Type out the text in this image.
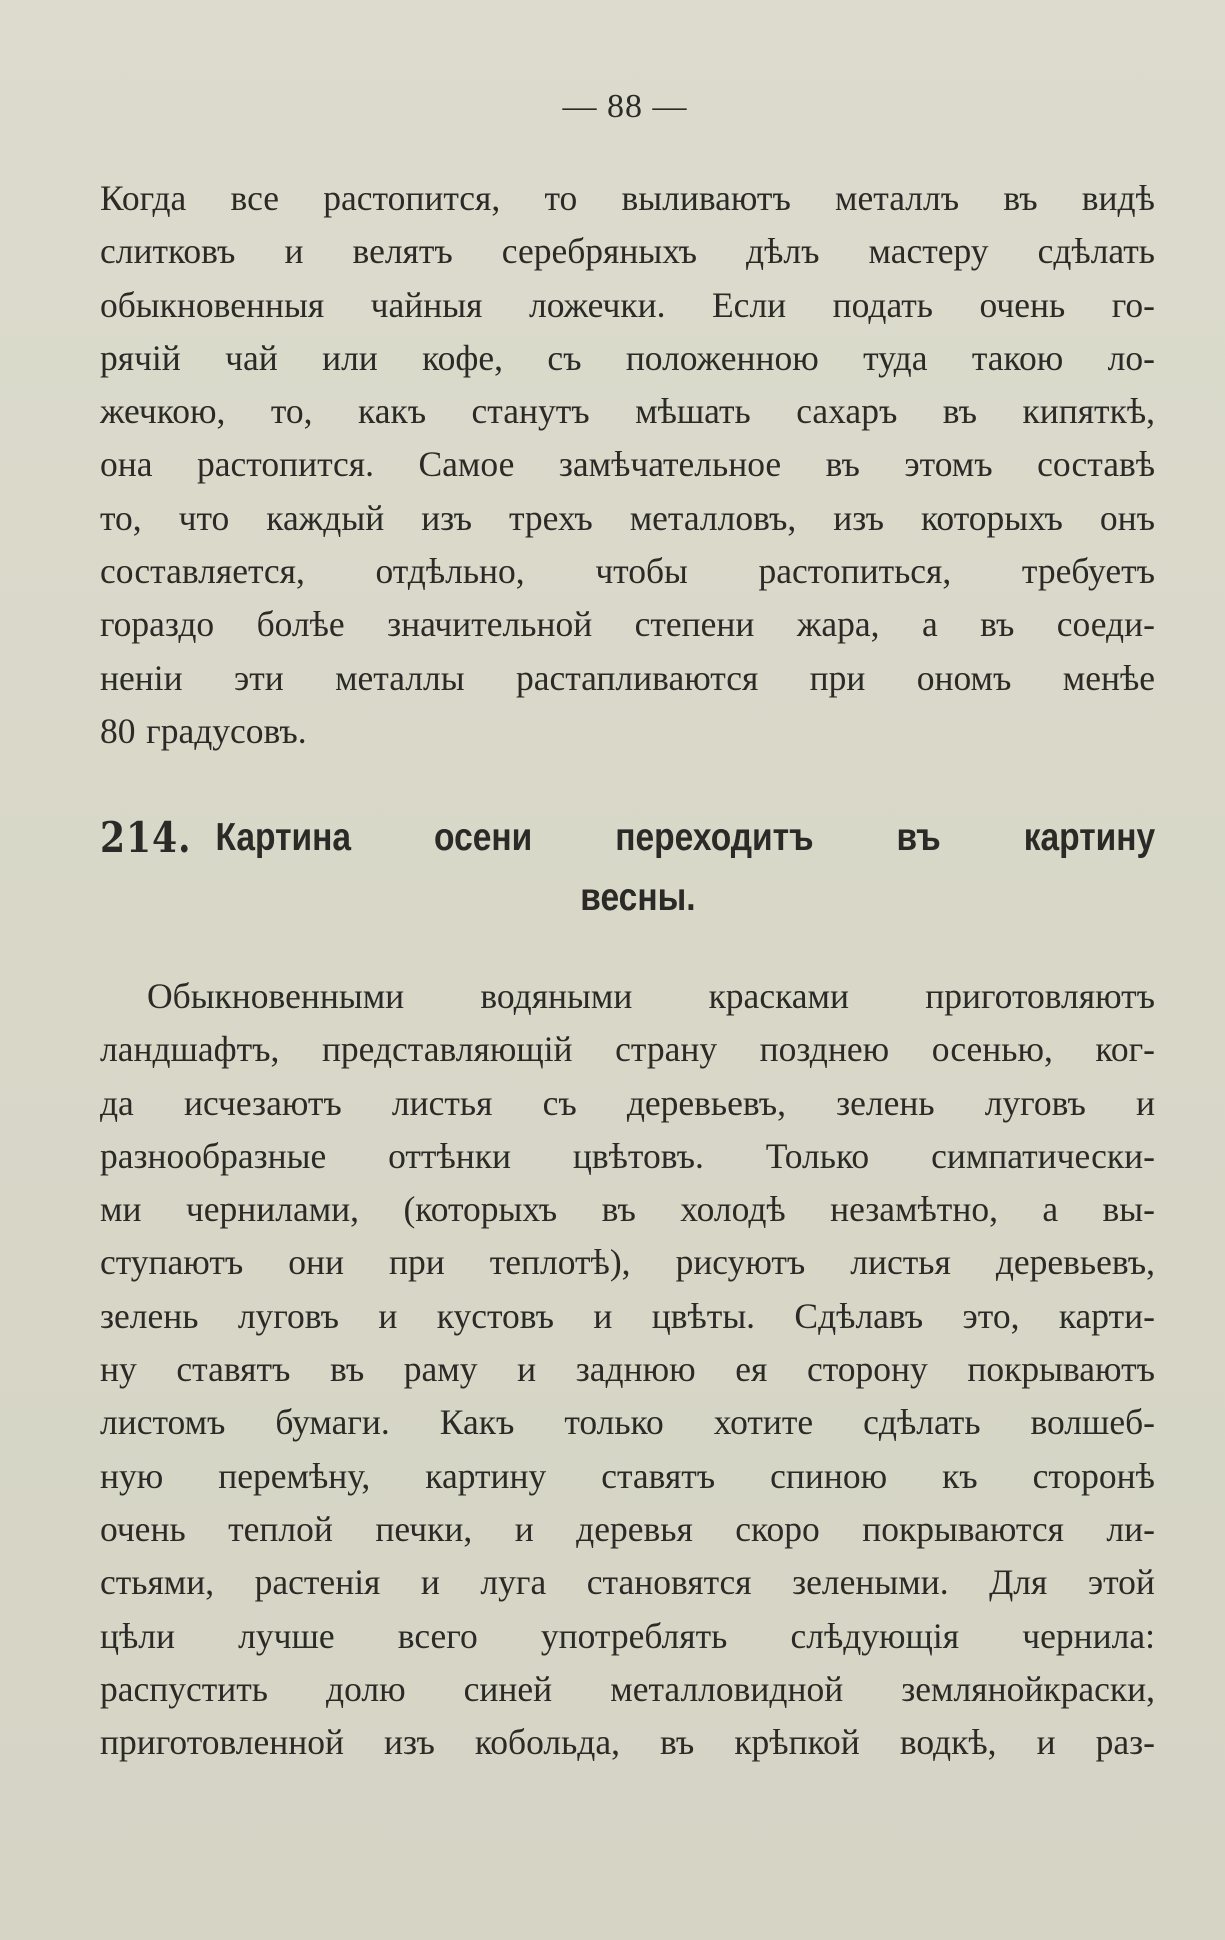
— 88 —
Когда все растопится, то выливаютъ металлъ въ видѣ
слитковъ и велятъ серебряныхъ дѣлъ мастеру сдѣлать
обыкновенныя чайныя ложечки. Если подать очень го-
рячій чай или кофе, съ положенною туда такою ло-
жечкою, то, какъ станутъ мѣшать сахаръ въ кипяткѣ,
она растопится. Самое замѣчательное въ этомъ составѣ
то, что каждый изъ трехъ металловъ, изъ которыхъ онъ
составляется, отдѣльно, чтобы растопиться, требуетъ
гораздо болѣе значительной степени жара, а въ соеди-
неніи эти металлы растапливаются при ономъ менѣе
80 градусовъ.
214. Картина осени переходитъ въ картину
весны.
Обыкновенными водяными красками приготовляютъ
ландшафтъ, представляющій страну позднею осенью, ког-
да исчезаютъ листья съ деревьевъ, зелень луговъ и
разнообразные оттѣнки цвѣтовъ. Только симпатически-
ми чернилами, (которыхъ въ холодѣ незамѣтно, а вы-
ступаютъ они при теплотѣ), рисуютъ листья деревьевъ,
зелень луговъ и кустовъ и цвѣты. Сдѣлавъ это, карти-
ну ставятъ въ раму и заднюю ея сторону покрываютъ
листомъ бумаги. Какъ только хотите сдѣлать волшеб-
ную перемѣну, картину ставятъ спиною къ сторонѣ
очень теплой печки, и деревья скоро покрываются ли-
стьями, растенія и луга становятся зелеными. Для этой
цѣли лучше всего употреблять слѣдующія чернила:
распустить долю синей металловидной землянойкраски,
приготовленной изъ кобольда, въ крѣпкой водкѣ, и раз-
